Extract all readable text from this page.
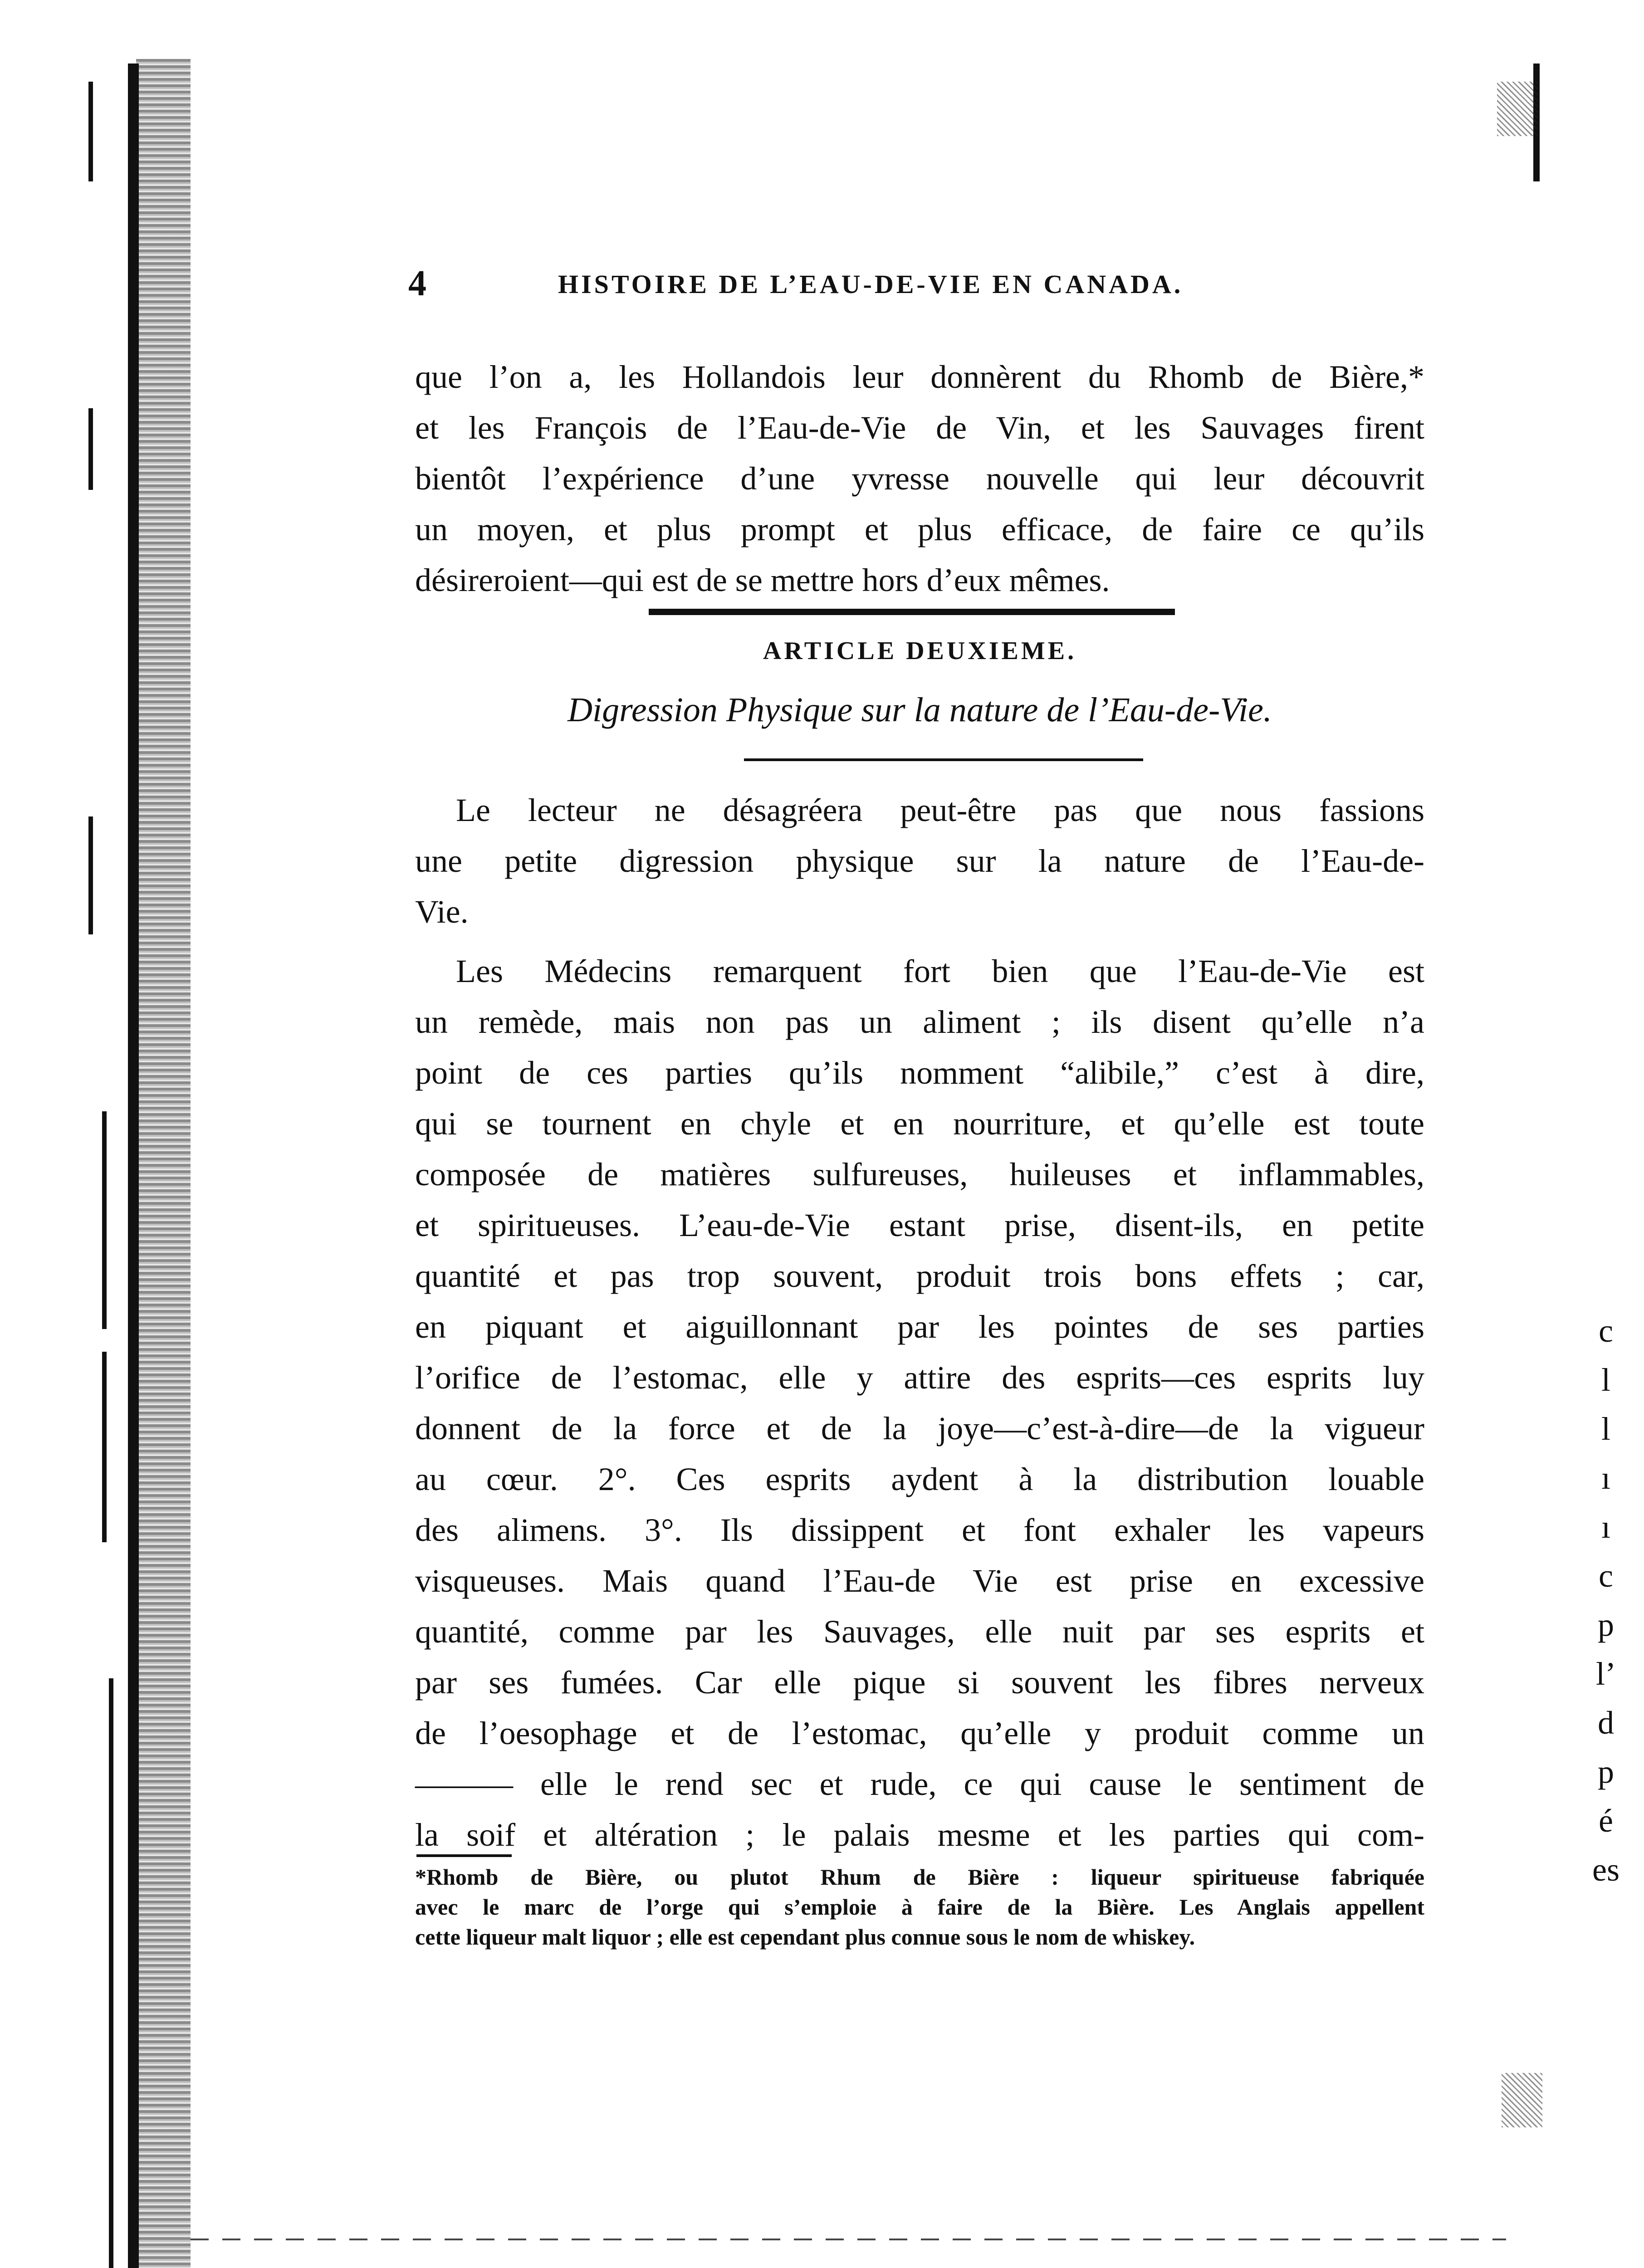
c
l
l
ı
ı
c
p
l’
d
p
é
es
4	HISTOIRE DE L’EAU-DE-VIE EN CANADA.
que l’on a, les Hollandois leur donnèrent du Rhomb de Bière,*
et les François de l’Eau-de-Vie de Vin, et les Sauvages firent
bientôt l’expérience d’une yvresse nouvelle qui leur découvrit
un moyen, et plus prompt et plus efficace, de faire ce qu’ils
désireroient—qui est de se mettre hors d’eux mêmes.
ARTICLE DEUXIEME.
Digression Physique sur la nature de l’Eau-de-Vie.
Le lecteur ne désagréera peut-être pas que nous fassions
une petite digression physique sur la nature de l’Eau-de-
Vie.
Les Médecins remarquent fort bien que l’Eau-de-Vie est
un remède, mais non pas un aliment ; ils disent qu’elle n’a
point de ces parties qu’ils nomment “alibile,” c’est à dire,
qui se tournent en chyle et en nourriture, et qu’elle est toute
composée de matières sulfureuses, huileuses et inflammables,
et spiritueuses. L’eau-de-Vie estant prise, disent-ils, en petite
quantité et pas trop souvent, produit trois bons effets ; car,
en piquant et aiguillonnant par les pointes de ses parties
l’orifice de l’estomac, elle y attire des esprits—ces esprits luy
donnent de la force et de la joye—c’est-à-dire—de la vigueur
au cœur. 2°. Ces esprits aydent à la distribution louable
des alimens. 3°. Ils dissippent et font exhaler les vapeurs
visqueuses. Mais quand l’Eau-de Vie est prise en excessive
quantité, comme par les Sauvages, elle nuit par ses esprits et
par ses fumées. Car elle pique si souvent les fibres nerveux
de l’oesophage et de l’estomac, qu’elle y produit comme un
——— elle le rend sec et rude, ce qui cause le sentiment de
la soif et altération ; le palais mesme et les parties qui com-
*Rhomb de Bière, ou plutot Rhum de Bière : liqueur spiritueuse fabriquée
avec le marc de l’orge qui s’emploie à faire de la Bière. Les Anglais appellent
cette liqueur malt liquor ; elle est cependant plus connue sous le nom de whiskey.
